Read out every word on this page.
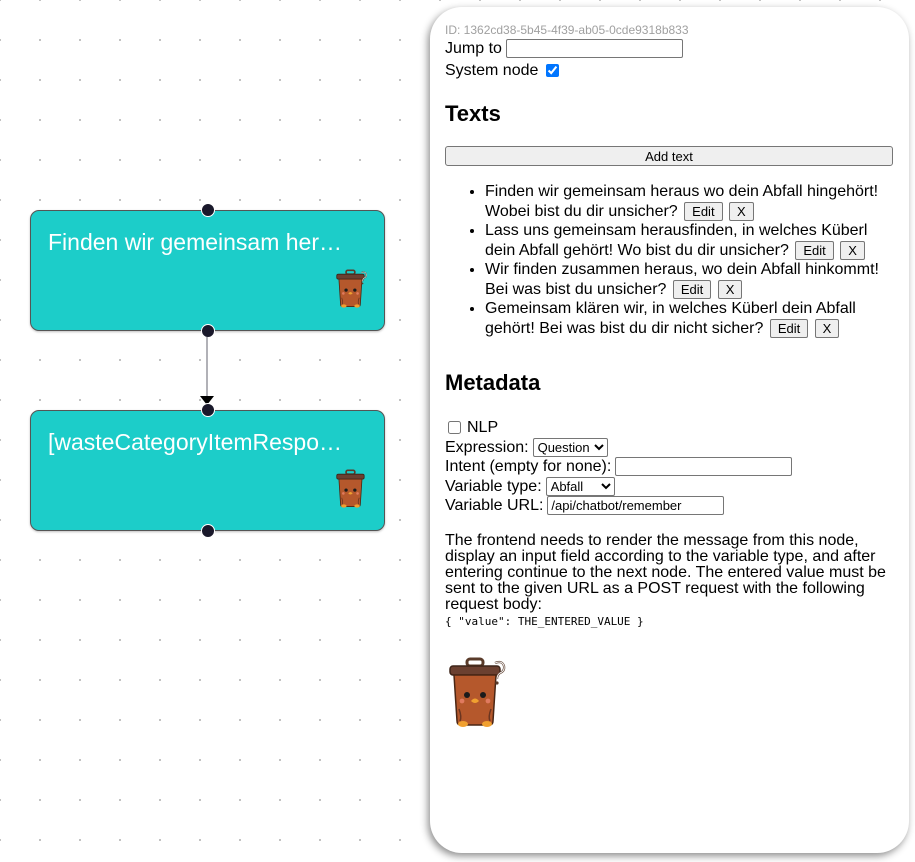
Finden wir gemeinsam her…
[wasteCategoryItemRespo…
ID: 1362cd38-5b45-4f39-ab05-0cde9318b833
Jump to
System node
Texts
Add text
• Finden wir gemeinsam heraus wo dein Abfall hingehört! Wobei bist du dir unsicher? Edit X
• Lass uns gemeinsam herausfinden, in welches Küberl dein Abfall gehört! Wo bist du dir unsicher? Edit X
• Wir finden zusammen heraus, wo dein Abfall hinkommt! Bei was bist du unsicher? Edit X
• Gemeinsam klären wir, in welches Küberl dein Abfall gehört! Bei was bist du dir nicht sicher? Edit X
Metadata
NLP
Expression:
Question
Intent (empty for none):
Variable type:
Abfall
Variable URL:
/api/chatbot/remember
The frontend needs to render the message from this node, display an input field according to the variable type, and after entering continue to the next node. The entered value must be sent to the given URL as a POST request with the following request body:
{ "value": THE_ENTERED_VALUE }
